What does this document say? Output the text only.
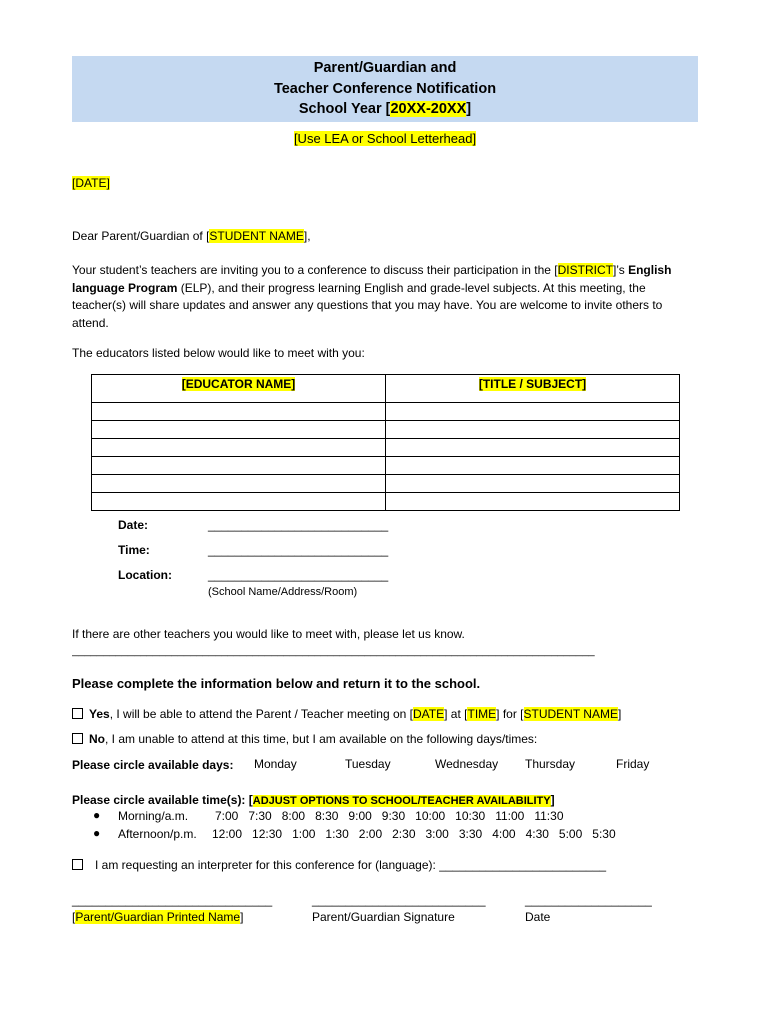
Parent/Guardian and
Teacher Conference Notification
School Year [20XX-20XX]
[Use LEA or School Letterhead]
[DATE]
Dear Parent/Guardian of [STUDENT NAME],
Your student’s teachers are inviting you to a conference to discuss their participation in the [DISTRICT]’s English language Program (ELP), and their progress learning English and grade-level subjects. At this meeting, the teacher(s) will share updates and answer any questions that you may have. You are welcome to invite others to attend.
The educators listed below would like to meet with you:
[EDUCATOR NAME]	[TITLE / SUBJECT]

Date:	___________________________
Time:	___________________________
Location:	___________________________
(School Name/Address/Room)
If there are other teachers you would like to meet with, please let us know.
____________________________________________________________________________________
Please complete the information below and return it to the school.
Yes, I will be able to attend the Parent / Teacher meeting on [DATE] at [TIME] for [STUDENT NAME]
No, I am unable to attend at this time, but I am available on the following days/times:
Please circle available days: Monday	Tuesday	Wednesday Thursday	Friday
Please circle available time(s): [ADJUST OPTIONS TO SCHOOL/TEACHER AVAILABILITY]
● Morning/a.m. 7:00   7:30   8:00   8:30   9:00   9:30   10:00   10:30   11:00   11:30
● Afternoon/p.m. 12:00   12:30   1:00   1:30   2:00   2:30   3:00   3:30   4:00   4:30   5:00   5:30
I am requesting an interpreter for this conference for (language): _________________________
______________________________	__________________________	___________________
[Parent/Guardian Printed Name]	Parent/Guardian Signature	Date
